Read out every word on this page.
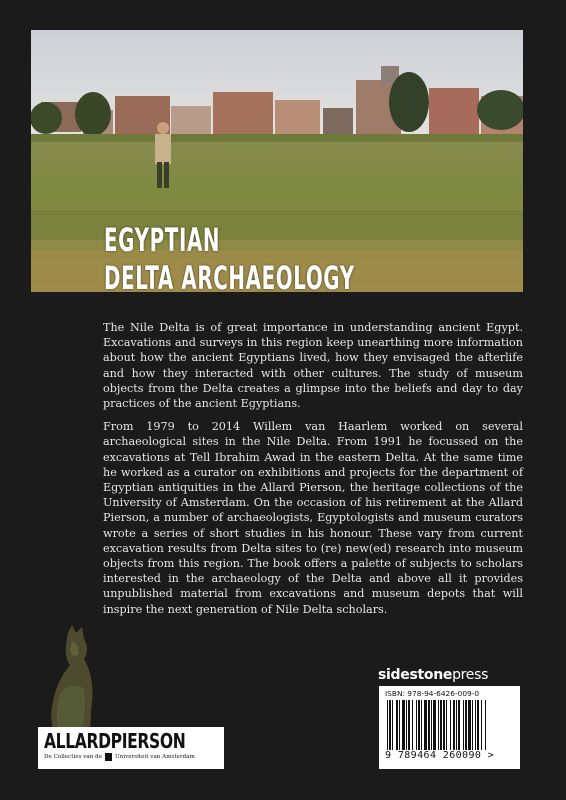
EGYPTIAN
DELTA ARCHAEOLOGY

The Nile Delta is of great importance in understanding ancient Egypt. Excavations and surveys in this region keep unearthing more information about how the ancient Egyptians lived, how they envisaged the afterlife and how they interacted with other cultures. The study of museum objects from the Delta creates a glimpse into the beliefs and day to day practices of the ancient Egyptians.

From 1979 to 2014 Willem van Haarlem worked on several archaeological sites in the Nile Delta. From 1991 he focussed on the excavations at Tell Ibrahim Awad in the eastern Delta. At the same time he worked as a curator on exhibitions and projects for the department of Egyptian antiquities in the Allard Pierson, the heritage collections of the University of Amsterdam. On the occasion of his retirement at the Allard Pierson, a number of archaeologists, Egyptologists and museum curators wrote a series of short studies in his honour. These vary from current excavation results from Delta sites to (re) new(ed) research into museum objects from this region. The book offers a palette of subjects to scholars interested in the archaeology of the Delta and above all it provides unpublished material from excavations and museum depots that will inspire the next generation of Nile Delta scholars.

ALLARDPIERSON
De Collecties van de Universiteit van Amsterdam
sidestonepress
ISBN: 978-94-6426-009-0
9 789464 260090 >
